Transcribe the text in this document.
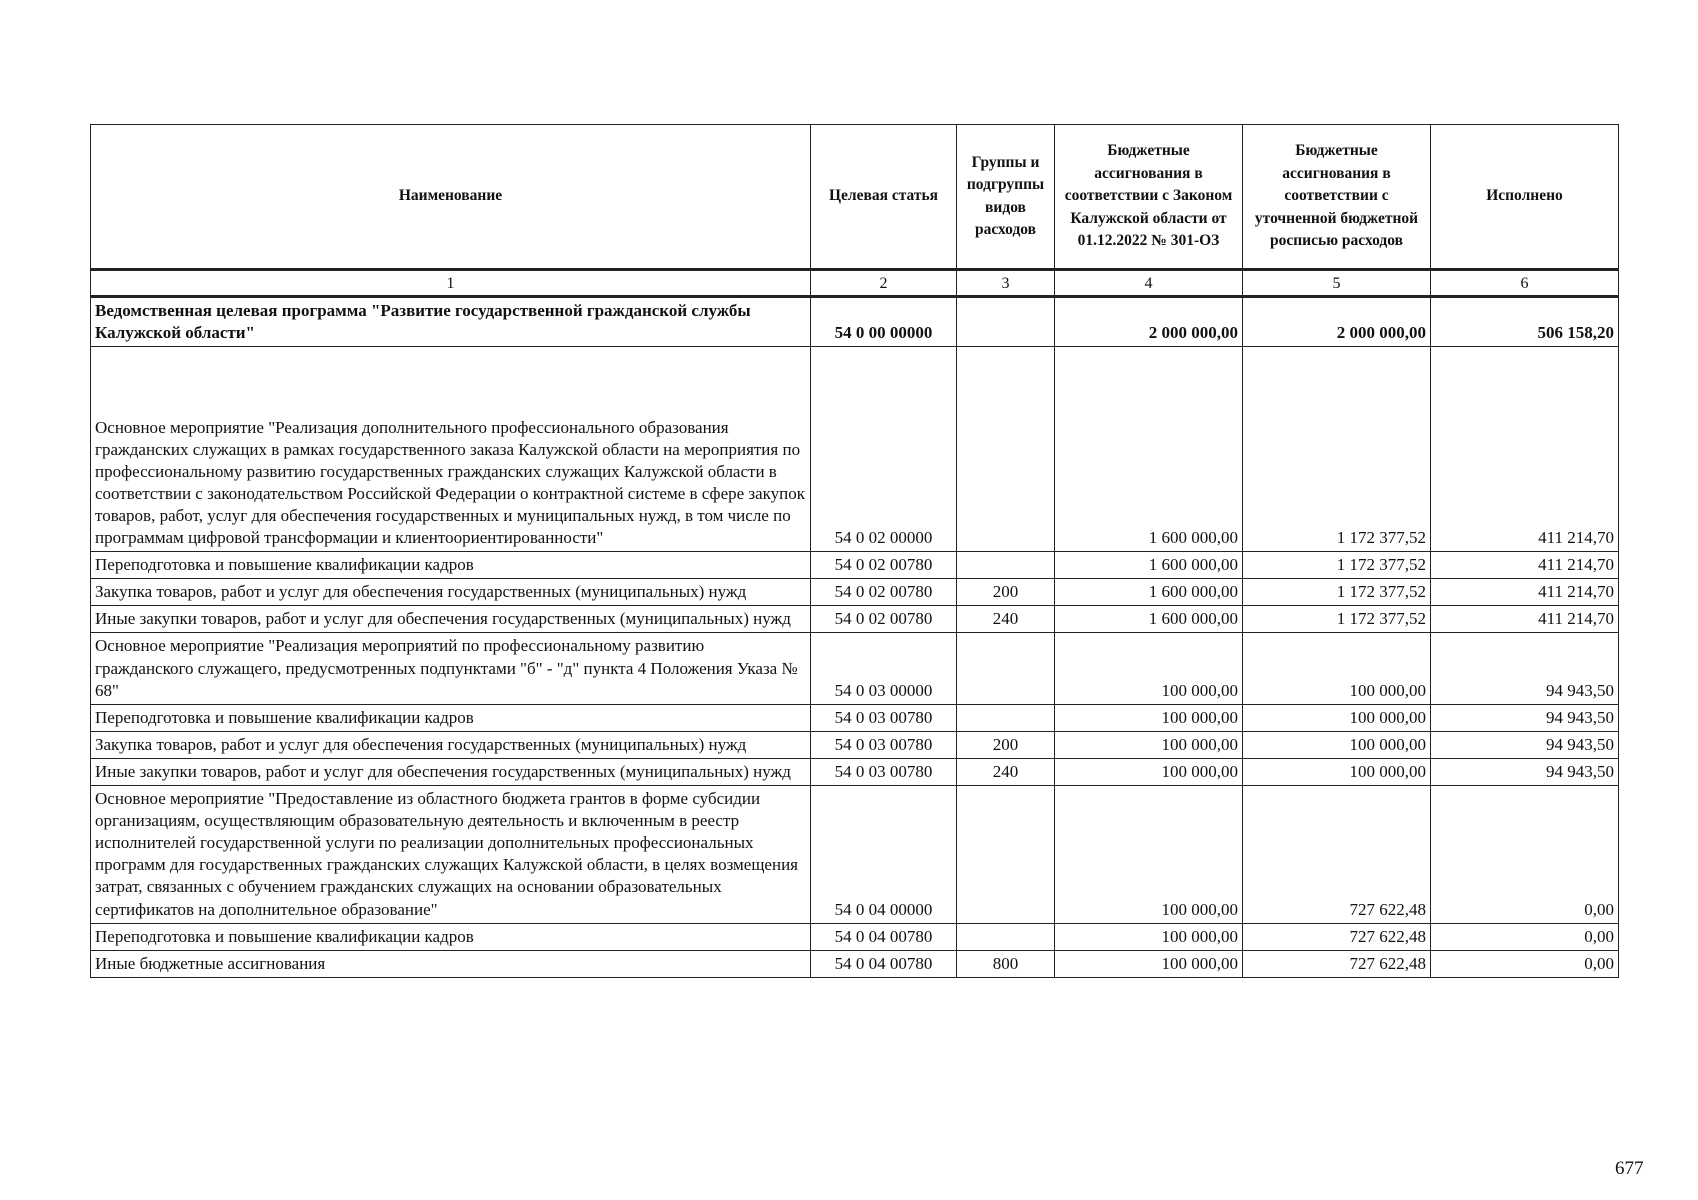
Наименование	Целевая статья	Группы и подгруппы видов расходов	Бюджетные ассигнования в соответствии с Законом Калужской области от 01.12.2022 № 301-ОЗ	Бюджетные ассигнования в соответствии с уточненной бюджетной росписью расходов	Исполнено
1	2	3	4	5	6
Ведомственная целевая программа "Развитие государственной гражданской службы Калужской области"	54 0 00 00000		2 000 000,00	2 000 000,00	506 158,20
Основное мероприятие "Реализация дополнительного профессионального образования гражданских служащих в рамках государственного заказа Калужской области на мероприятия по профессиональному развитию государственных гражданских служащих Калужской области в соответствии с законодательством Российской Федерации о контрактной системе в сфере закупок товаров, работ, услуг для обеспечения государственных и муниципальных нужд, в том числе по программам цифровой трансформации и клиентоориентированности"	54 0 02 00000		1 600 000,00	1 172 377,52	411 214,70
Переподготовка и повышение квалификации кадров	54 0 02 00780		1 600 000,00	1 172 377,52	411 214,70
Закупка товаров, работ и услуг для обеспечения государственных (муниципальных) нужд	54 0 02 00780	200	1 600 000,00	1 172 377,52	411 214,70
Иные закупки товаров, работ и услуг для обеспечения государственных (муниципальных) нужд	54 0 02 00780	240	1 600 000,00	1 172 377,52	411 214,70
Основное мероприятие "Реализация мероприятий по профессиональному развитию гражданского служащего, предусмотренных подпунктами "б" - "д" пункта 4 Положения Указа № 68"	54 0 03 00000		100 000,00	100 000,00	94 943,50
Переподготовка и повышение квалификации кадров	54 0 03 00780		100 000,00	100 000,00	94 943,50
Закупка товаров, работ и услуг для обеспечения государственных (муниципальных) нужд	54 0 03 00780	200	100 000,00	100 000,00	94 943,50
Иные закупки товаров, работ и услуг для обеспечения государственных (муниципальных) нужд	54 0 03 00780	240	100 000,00	100 000,00	94 943,50
Основное мероприятие "Предоставление из областного бюджета грантов в форме субсидии организациям, осуществляющим образовательную деятельность и включенным в реестр исполнителей государственной услуги по реализации дополнительных профессиональных программ для государственных гражданских служащих Калужской области, в целях возмещения затрат, связанных с обучением гражданских служащих на основании образовательных сертификатов на дополнительное образование"	54 0 04 00000		100 000,00	727 622,48	0,00
Переподготовка и повышение квалификации кадров	54 0 04 00780		100 000,00	727 622,48	0,00
Иные бюджетные ассигнования	54 0 04 00780	800	100 000,00	727 622,48	0,00
677
